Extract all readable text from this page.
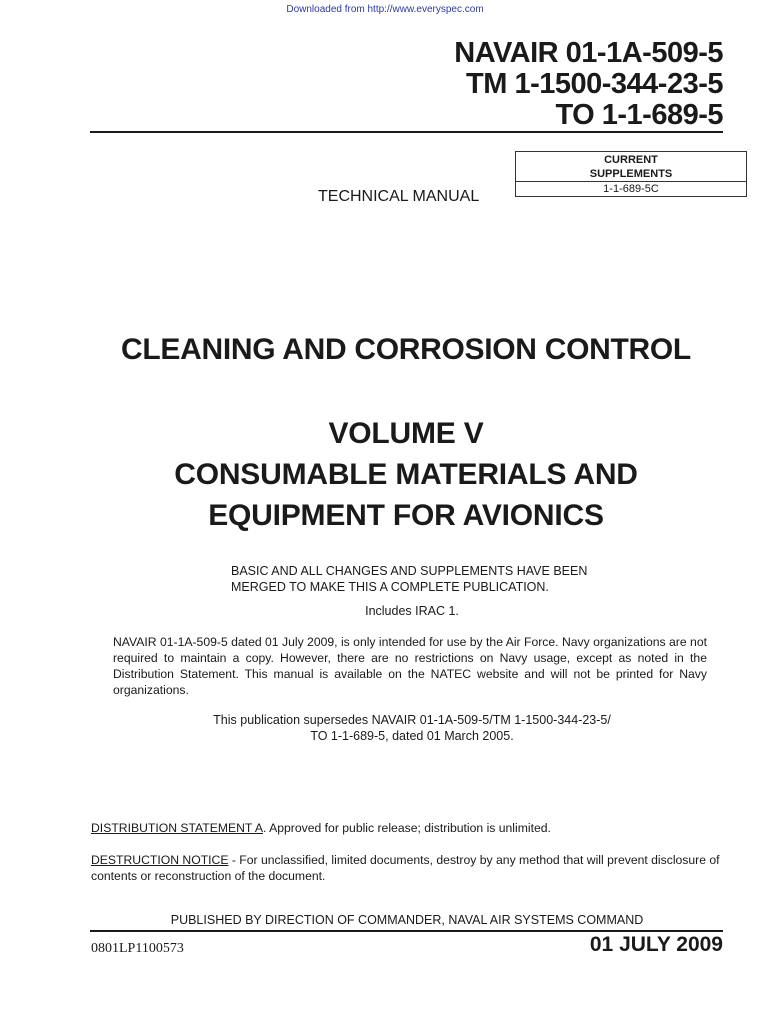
Downloaded from http://www.everyspec.com
NAVAIR 01-1A-509-5
TM 1-1500-344-23-5
TO 1-1-689-5
CURRENT
SUPPLEMENTS
1-1-689-5C
TECHNICAL MANUAL
CLEANING AND CORROSION CONTROL
VOLUME V
CONSUMABLE MATERIALS AND
EQUIPMENT FOR AVIONICS
BASIC AND ALL CHANGES AND SUPPLEMENTS HAVE BEEN
MERGED TO MAKE THIS A COMPLETE PUBLICATION.
Includes IRAC 1.
NAVAIR 01-1A-509-5 dated 01 July 2009, is only intended for use by the Air Force. Navy organizations are not required to maintain a copy. However, there are no restrictions on Navy usage, except as noted in the Distribution Statement. This manual is available on the NATEC website and will not be printed for Navy organizations.
This publication supersedes NAVAIR 01-1A-509-5/TM 1-1500-344-23-5/
TO 1-1-689-5, dated 01 March 2005.
DISTRIBUTION STATEMENT A. Approved for public release; distribution is unlimited.
DESTRUCTION NOTICE - For unclassified, limited documents, destroy by any method that will prevent disclosure of contents or reconstruction of the document.
PUBLISHED BY DIRECTION OF COMMANDER, NAVAL AIR SYSTEMS COMMAND
0801LP1100573	01 JULY 2009
